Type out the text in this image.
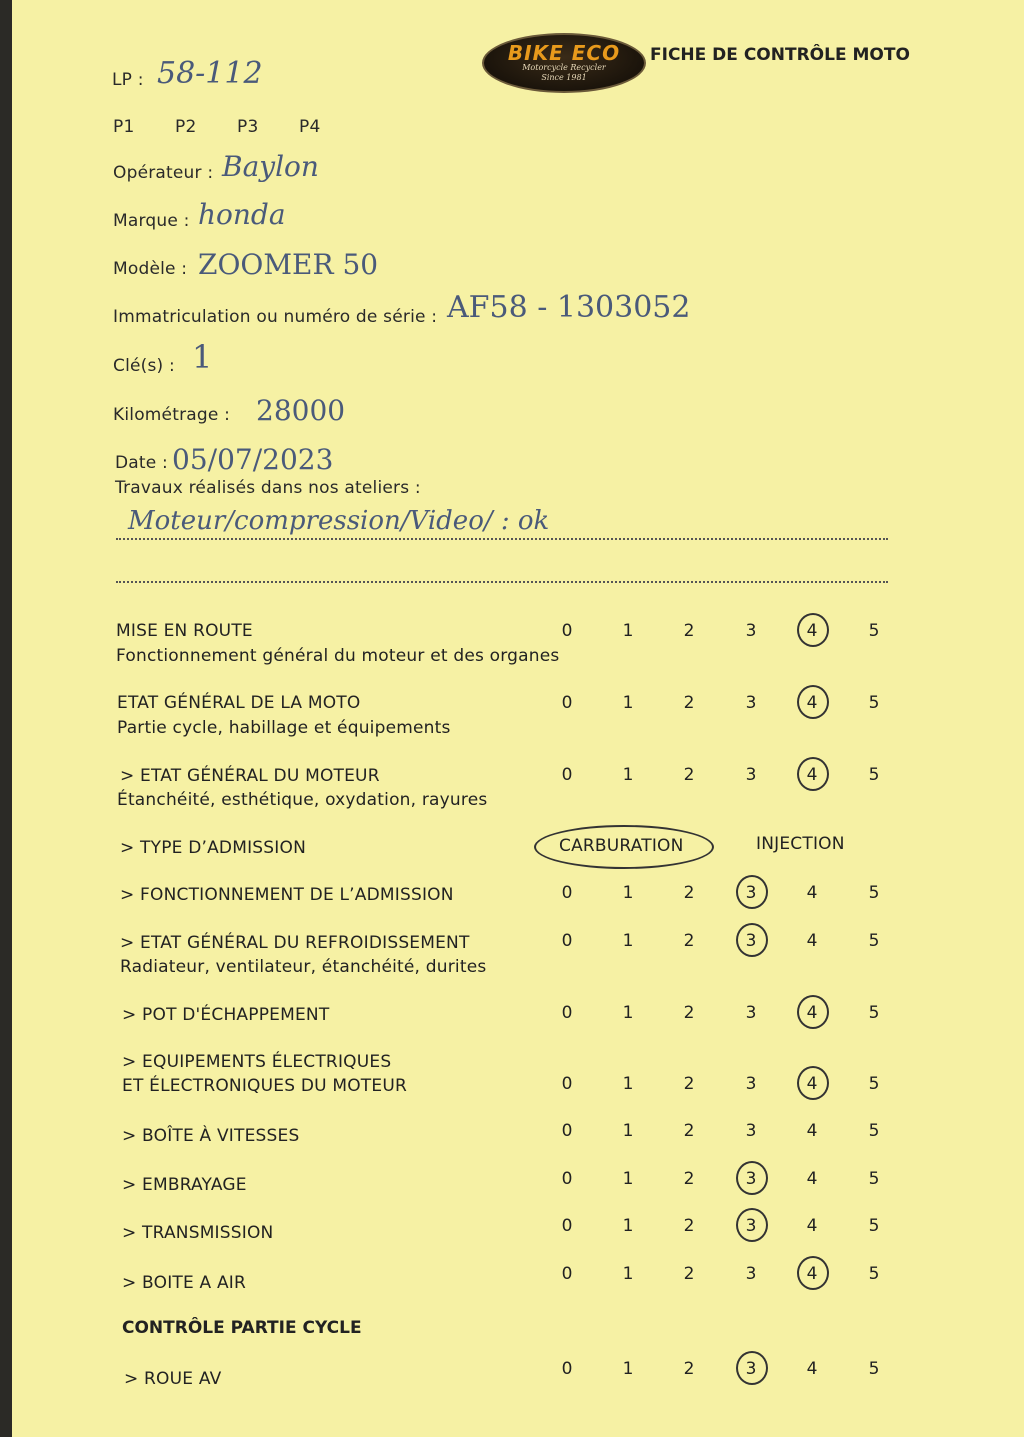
BIKE ECO
Motorcycle Recycler
Since 1981
FICHE DE CONTRÔLE MOTO
LP : 58-112
P1 P2 P3 P4
Opérateur : Baylon
Marque : honda
Modèle : ZOOMER 50
Immatriculation ou numéro de série : AF58 - 1303052
Clé(s) : 1
Kilométrage : 28000
Date : 05/07/2023
Travaux réalisés dans nos ateliers :
Moteur/compression/Video/ : ok
> TYPE D’ADMISSION	CARBURATION	INJECTION
CONTRÔLE PARTIE CYCLE
MISE EN ROUTE
Fonctionnement général du moteur et des organes
0	1	2	3	4	5
ETAT GÉNÉRAL DE LA MOTO
Partie cycle, habillage et équipements
0	1	2	3	4	5
> ETAT GÉNÉRAL DU MOTEUR
Étanchéité, esthétique, oxydation, rayures
0	1	2	3	4	5
> FONCTIONNEMENT DE L’ADMISSION	0	1	2	3	4	5
> ETAT GÉNÉRAL DU REFROIDISSEMENT
Radiateur, ventilateur, étanchéité, durites
0	1	2	3	4	5
> POT D'ÉCHAPPEMENT	0	1	2	3	4	5
> EQUIPEMENTS ÉLECTRIQUES
ET ÉLECTRONIQUES DU MOTEUR	0	1	2	3	4	5
> BOÎTE À VITESSES	0	1	2	3	4	5
> EMBRAYAGE	0	1	2	3	4	5
> TRANSMISSION	0	1	2	3	4	5
> BOITE A AIR	0	1	2	3	4	5
> ROUE AV	0	1	2	3	4	5
